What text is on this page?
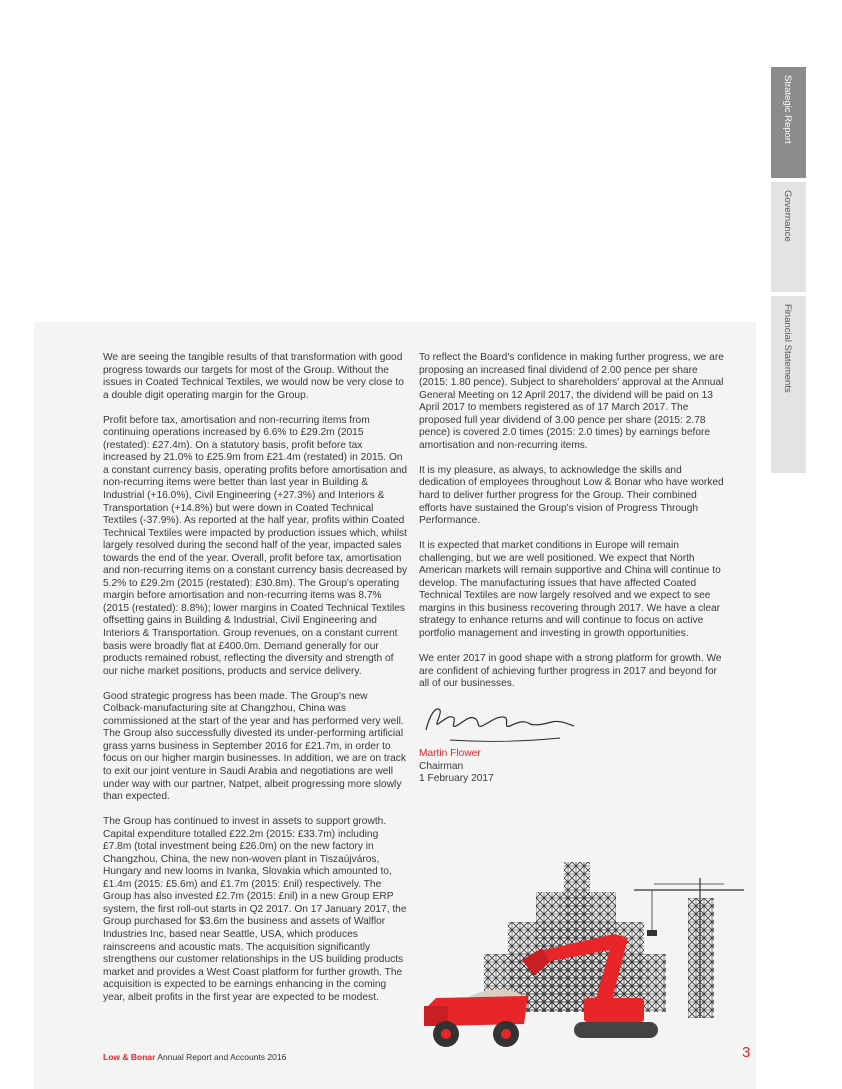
Strategic Report
Governance
Financial Statements

We are seeing the tangible results of that transformation with good progress towards our targets for most of the Group. Without the issues in Coated Technical Textiles, we would now be very close to a double digit operating margin for the Group.

Profit before tax, amortisation and non-recurring items from continuing operations increased by 6.6% to £29.2m (2015 (restated): £27.4m). On a statutory basis, profit before tax increased by 21.0% to £25.9m from £21.4m (restated) in 2015. On a constant currency basis, operating profits before amortisation and non-recurring items were better than last year in Building & Industrial (+16.0%), Civil Engineering (+27.3%) and Interiors & Transportation (+14.8%) but were down in Coated Technical Textiles (-37.9%). As reported at the half year, profits within Coated Technical Textiles were impacted by production issues which, whilst largely resolved during the second half of the year, impacted sales towards the end of the year. Overall, profit before tax, amortisation and non-recurring items on a constant currency basis decreased by 5.2% to £29.2m (2015 (restated): £30.8m). The Group's operating margin before amortisation and non-recurring items was 8.7% (2015 (restated): 8.8%); lower margins in Coated Technical Textiles offsetting gains in Building & Industrial, Civil Engineering and Interiors & Transportation. Group revenues, on a constant current basis were broadly flat at £400.0m. Demand generally for our products remained robust, reflecting the diversity and strength of our niche market positions, products and service delivery.

Good strategic progress has been made. The Group's new Colback-manufacturing site at Changzhou, China was commissioned at the start of the year and has performed very well. The Group also successfully divested its under-performing artificial grass yarns business in September 2016 for £21.7m, in order to focus on our higher margin businesses. In addition, we are on track to exit our joint venture in Saudi Arabia and negotiations are well under way with our partner, Natpet, albeit progressing more slowly than expected.

The Group has continued to invest in assets to support growth. Capital expenditure totalled £22.2m (2015: £33.7m) including £7.8m (total investment being £26.0m) on the new factory in Changzhou, China, the new non-woven plant in Tiszaújváros, Hungary and new looms in Ivanka, Slovakia which amounted to, £1.4m (2015: £5.6m) and £1.7m (2015: £nil) respectively. The Group has also invested £2.7m (2015: £nil) in a new Group ERP system, the first roll-out starts in Q2 2017. On 17 January 2017, the Group purchased for $3.6m the business and assets of Walflor Industries Inc, based near Seattle, USA, which produces rainscreens and acoustic mats. The acquisition significantly strengthens our customer relationships in the US building products market and provides a West Coast platform for further growth. The acquisition is expected to be earnings enhancing in the coming year, albeit profits in the first year are expected to be modest.

To reflect the Board's confidence in making further progress, we are proposing an increased final dividend of 2.00 pence per share (2015: 1.80 pence). Subject to shareholders' approval at the Annual General Meeting on 12 April 2017, the dividend will be paid on 13 April 2017 to members registered as of 17 March 2017. The proposed full year dividend of 3.00 pence per share (2015: 2.78 pence) is covered 2.0 times (2015: 2.0 times) by earnings before amortisation and non-recurring items.

It is my pleasure, as always, to acknowledge the skills and dedication of employees throughout Low & Bonar who have worked hard to deliver further progress for the Group. Their combined efforts have sustained the Group's vision of Progress Through Performance.

It is expected that market conditions in Europe will remain challenging, but we are well positioned. We expect that North American markets will remain supportive and China will continue to develop. The manufacturing issues that have affected Coated Technical Textiles are now largely resolved and we expect to see margins in this business recovering through 2017. We have a clear strategy to enhance returns and will continue to focus on active portfolio management and investing in growth opportunities.

We enter 2017 in good shape with a strong platform for growth. We are confident of achieving further progress in 2017 and beyond for all of our businesses.

Martin Flower
Chairman
1 February 2017
Low & Bonar Annual Report and Accounts 2016	3
